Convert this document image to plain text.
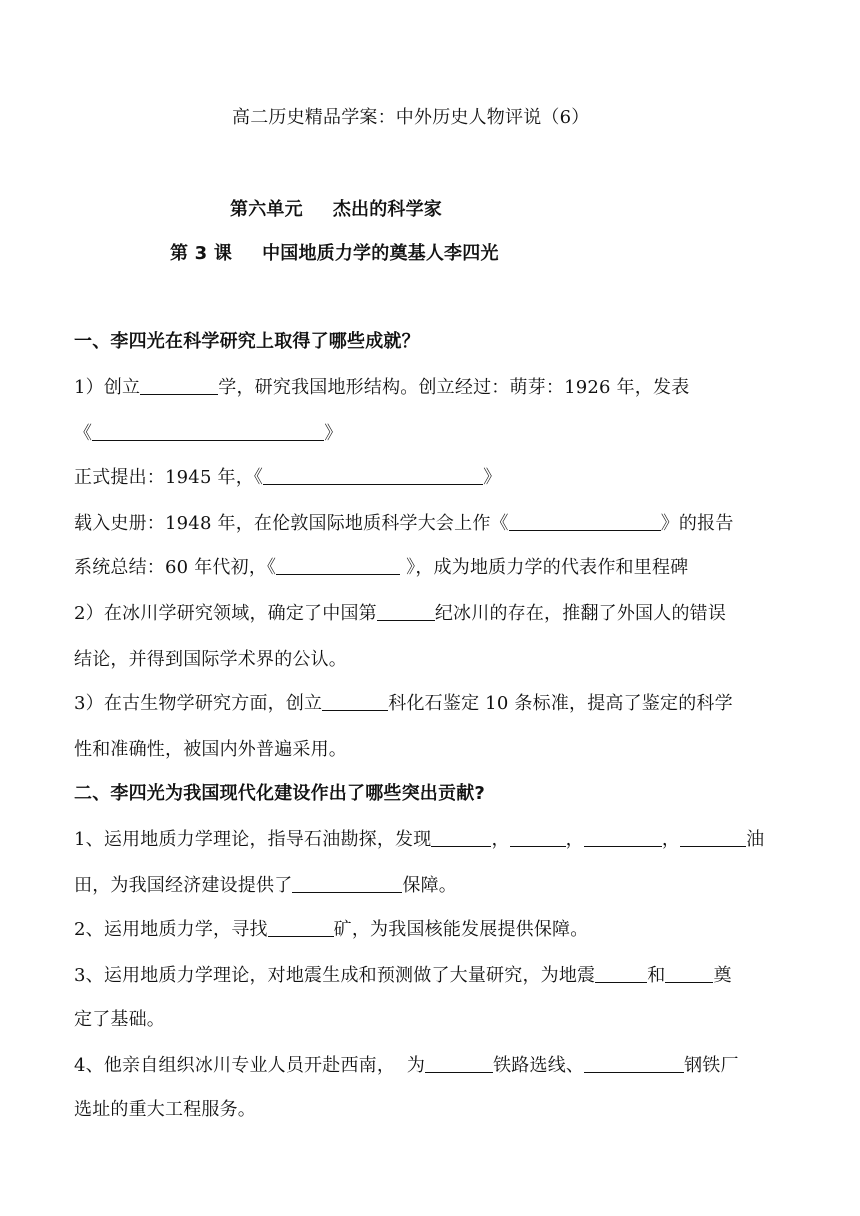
高二历史精品学案：中外历史人物评说（6）
第六单元 杰出的科学家
第 3 课 中国地质力学的奠基人李四光
一、李四光在科学研究上取得了哪些成就？
1）创立	学，研究我国地形结构。创立经过：萌芽：1926 年，发表
《	》
正式提出：1945 年，《	》
载入史册：1948 年，在伦敦国际地质科学大会上作《	》的报告
系统总结：60 年代初，《	》，成为地质力学的代表作和里程碑
2）在冰川学研究领域，确定了中国第	纪冰川的存在，推翻了外国人的错误
结论，并得到国际学术界的公认。
3）在古生物学研究方面，创立	科化石鉴定 10 条标准，提高了鉴定的科学
性和准确性，被国内外普遍采用。
二、李四光为我国现代化建设作出了哪些突出贡献?
1、运用地质力学理论，指导石油勘探，发现	，	，	，	油
田，为我国经济建设提供了	保障。
2、运用地质力学，寻找	矿，为我国核能发展提供保障。
3、运用地质力学理论，对地震生成和预测做了大量研究，为地震	和	奠
定了基础。
4、他亲自组织冰川专业人员开赴西南，  为	铁路选线、	钢铁厂
选址的重大工程服务。
